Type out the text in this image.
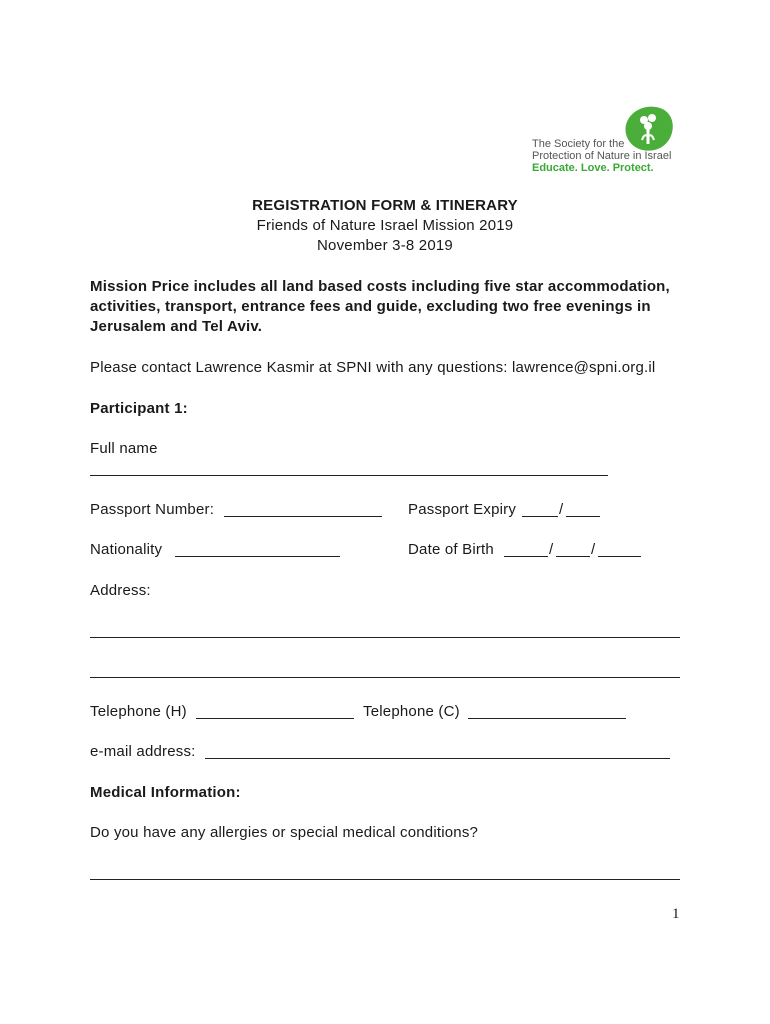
The Society for the
Protection of Nature in Israel
Educate. Love. Protect.
REGISTRATION FORM & ITINERARY
Friends of Nature Israel Mission 2019
November 3-8 2019
Mission Price includes all land based costs including five star accommodation,
activities, transport, entrance fees and guide, excluding two free evenings in
Jerusalem and Tel Aviv.
Please contact Lawrence Kasmir at SPNI with any questions: lawrence@spni.org.il
Participant 1:
Full name
Passport Number:	Passport Expiry	/
Nationality	Date of Birth	/	/
Address:
Telephone (H)	Telephone (C)
e-mail address:
Medical Information:
Do you have any allergies or special medical conditions?
1
